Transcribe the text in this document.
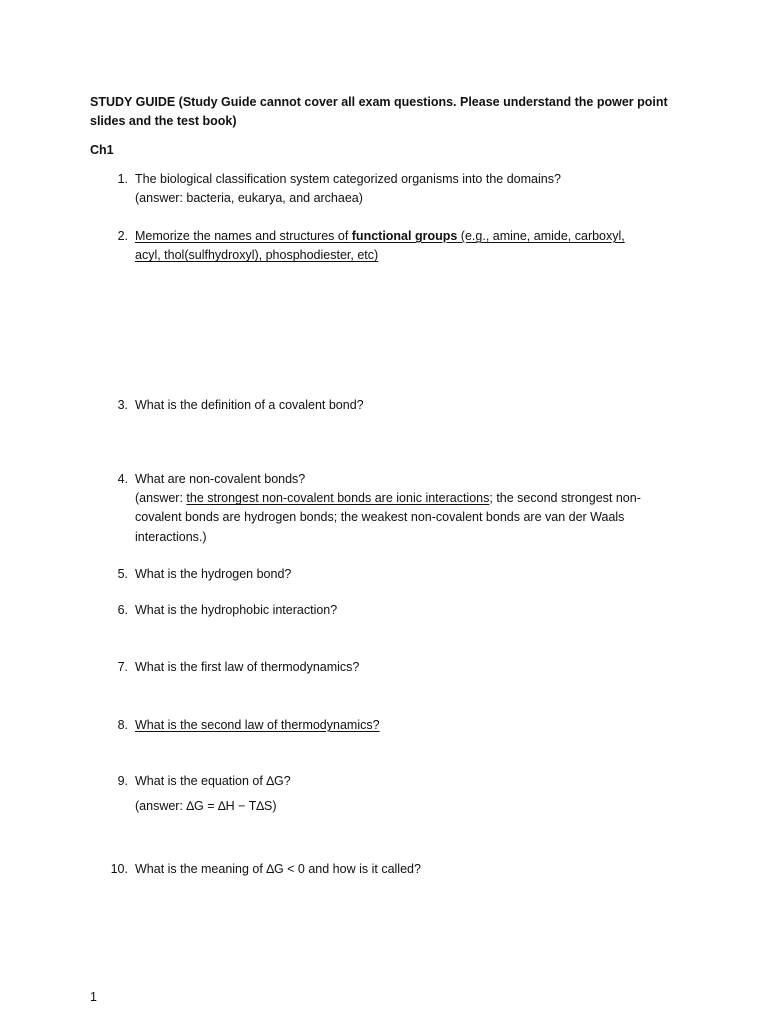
STUDY GUIDE (Study Guide cannot cover all exam questions. Please understand the power point slides and the test book)
Ch1
1. The biological classification system categorized organisms into the domains?
(answer: bacteria, eukarya, and archaea)
2. Memorize the names and structures of functional groups (e.g., amine, amide, carboxyl, acyl, thol(sulfhydroxyl), phosphodiester, etc)
3. What is the definition of a covalent bond?
4. What are non-covalent bonds?
(answer: the strongest non-covalent bonds are ionic interactions; the second strongest non-covalent bonds are hydrogen bonds; the weakest non-covalent bonds are van der Waals interactions.)
5. What is the hydrogen bond?
6. What is the hydrophobic interaction?
7. What is the first law of thermodynamics?
8. What is the second law of thermodynamics?
9. What is the equation of ∆G?
(answer: ∆G = ∆H − T∆S)
10. What is the meaning of ∆G < 0 and how is it called?
1
